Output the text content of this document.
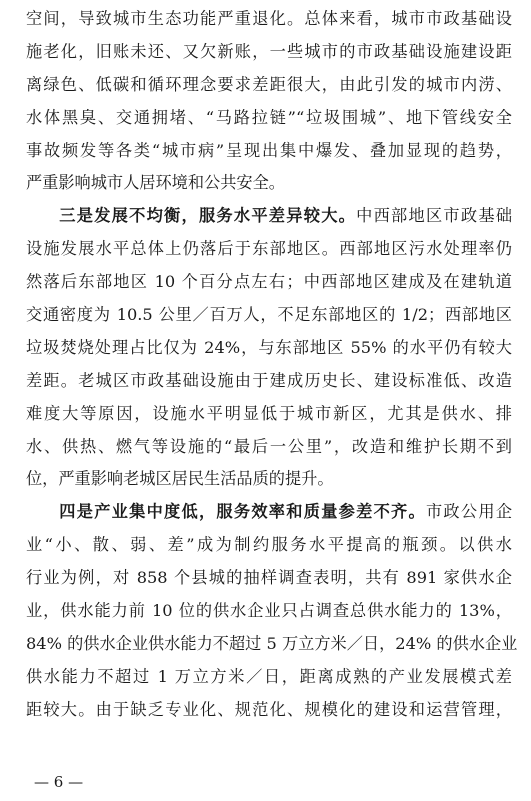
空间，导致城市生态功能严重退化。总体来看，城市市政基础设
施老化，旧账未还、又欠新账，一些城市的市政基础设施建设距
离绿色、低碳和循环理念要求差距很大，由此引发的城市内涝、
水体黑臭、交通拥堵、“马路拉链”“垃圾围城”、地下管线安全
事故频发等各类“城市病”呈现出集中爆发、叠加显现的趋势，
严重影响城市人居环境和公共安全。
三是发展不均衡，服务水平差异较大。中西部地区市政基础
设施发展水平总体上仍落后于东部地区。西部地区污水处理率仍
然落后东部地区 10 个百分点左右；中西部地区建成及在建轨道
交通密度为 10.5 公里／百万人，不足东部地区的 1/2；西部地区
垃圾焚烧处理占比仅为 24%，与东部地区 55% 的水平仍有较大
差距。老城区市政基础设施由于建成历史长、建设标准低、改造
难度大等原因，设施水平明显低于城市新区，尤其是供水、排
水、供热、燃气等设施的“最后一公里”，改造和维护长期不到
位，严重影响老城区居民生活品质的提升。
四是产业集中度低，服务效率和质量参差不齐。市政公用企
业“小、散、弱、差”成为制约服务水平提高的瓶颈。以供水
行业为例，对 858 个县城的抽样调查表明，共有 891 家供水企
业，供水能力前 10 位的供水企业只占调查总供水能力的 13%，
84% 的供水企业供水能力不超过 5 万立方米／日，24% 的供水企业
供水能力不超过 1 万立方米／日，距离成熟的产业发展模式差
距较大。由于缺乏专业化、规范化、规模化的建设和运营管理，
— 6 —
